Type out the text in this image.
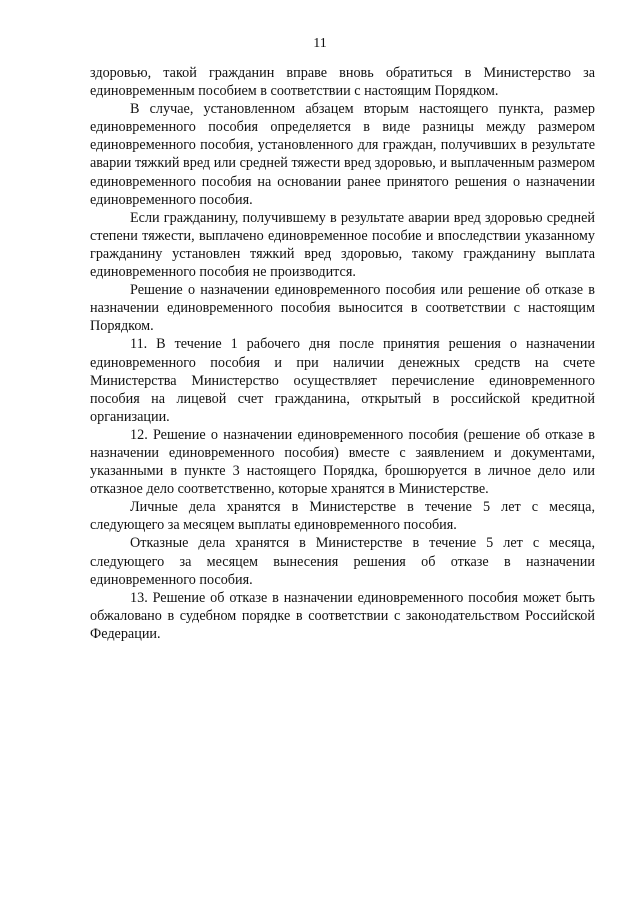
11

здоровью, такой гражданин вправе вновь обратиться в Министерство за единовременным пособием в соответствии с настоящим Порядком.

В случае, установленном абзацем вторым настоящего пункта, размер единовременного пособия определяется в виде разницы между размером единовременного пособия, установленного для граждан, получивших в результате аварии тяжкий вред или средней тяжести вред здоровью, и выплаченным размером единовременного пособия на основании ранее принятого решения о назначении единовременного пособия.

Если гражданину, получившему в результате аварии вред здоровью средней степени тяжести, выплачено единовременное пособие и впоследствии указанному гражданину установлен тяжкий вред здоровью, такому гражданину выплата единовременного пособия не производится.

Решение о назначении единовременного пособия или решение об отказе в назначении единовременного пособия выносится в соответствии с настоящим Порядком.

11. В течение 1 рабочего дня после принятия решения о назначении единовременного пособия и при наличии денежных средств на счете Министерства Министерство осуществляет перечисление единовременного пособия на лицевой счет гражданина, открытый в российской кредитной организации.

12. Решение о назначении единовременного пособия (решение об отказе в назначении единовременного пособия) вместе с заявлением и документами, указанными в пункте 3 настоящего Порядка, брошюруется в личное дело или отказное дело соответственно, которые хранятся в Министерстве.

Личные дела хранятся в Министерстве в течение 5 лет с месяца, следующего за месяцем выплаты единовременного пособия.

Отказные дела хранятся в Министерстве в течение 5 лет с месяца, следующего за месяцем вынесения решения об отказе в назначении единовременного пособия.

13. Решение об отказе в назначении единовременного пособия может быть обжаловано в судебном порядке в соответствии с законодательством Российской Федерации.
